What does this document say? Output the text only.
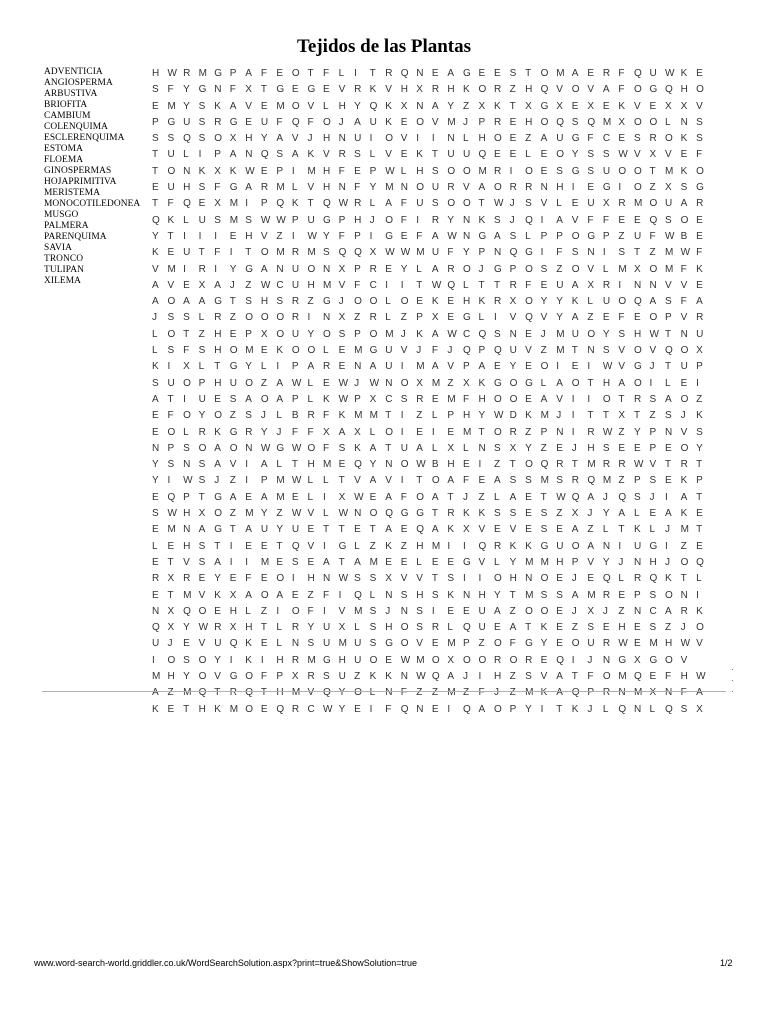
Tejidos de las Plantas
ADVENTICIA
ANGIOSPERMA
ARBUSTIVA
BRIOFITA
CAMBIUM
COLENQUIMA
ESCLERENQUIMA
ESTOMA
FLOEMA
GINOSPERMAS
HOJAPRIMITIVA
MERISTEMA
MONOCOTILEDONEA
MUSGO
PALMERA
PARENQUIMA
SAVIA
TRONCO
TULIPAN
XILEMA
H W R M G P A F E O T F L I T R Q N E A G E E S T O M A E R F Q U W K E
S F Y G N F X T G E G E V R K V H X R H K O R Z H Q V O V A F O G Q H O
E M Y S K A V E M O V L H Y Q K X N A Y Z X K T X G X E X E K V E X X V
P G U S R G E U F Q F O J A U K E O V M J P R E H O Q S Q M X O O L N S
S S Q S O X H Y A V J H N U I O V I I N L H O E Z A U G F C E S R O K S
T U L I P A N Q S A K V R S L V E K T U U Q E E L E O Y S S W V X V E F
T O N K X K W E P I M H F E P W L H S O O M R I O E S G S U O O T M K O
E U H S F G A R M L V H N F Y M N O U R V A O R R N H I E G I O Z X S G
T F Q E X M I P Q K T Q W R L A F U S O O T W J S V L E U X R M O U A R
Q K L U S M S W W P U G P H J O F I R Y N K S J Q I A V F F E E Q S O E
Y T I I I E H V Z I W Y F P I G E F A W N G A S L P P O G P Z U F W B E
K E U T F I T O M R M S Q Q X W W M U F Y P N Q G I F S N I S T Z M W F
V M I R I Y G A N U O N X P R E Y L A R O J G P O S Z O V L M X O M F K
A V E X A J Z W C U H M V F C I I T W Q L T T R F E U A X R I N N V V E
A O A A G T S H S R Z G J O O L O E K E H K R X O Y Y K L U O Q A S F A
J S S L R Z O O O R I N X Z R L Z P X E G L I V Q V Y A Z E F E O P V R
L O T Z H E P X O U Y O S P O M J K A W C Q S N E J M U O Y S H W T N U
L S F S H O M E K O O L E M G U V J F J Q P Q U V Z M T N S V O V Q O X
K I X L T G Y L I P A R E N A U I M A V P A E Y E O I E I W V G J T U P
S U O P H U O Z A W L E W J W N O X M Z X K G O G L A O T H A O I L E I
A T I U E S A O A P L K W P X C S R E M F H O O E A V I I O T R S A O Z
E F O Y O Z S J L B R F K M M T I Z L P H Y W D K M J I T T X T Z S J K
E O L R K G R Y J F F X A X L O I E I E M T O R Z P N I R W Z Y P N V S
N P S O A O N W G W O F S K A T U A L X L N S X Y Z E J H S E E P E O Y
Y S N S A V I A L T H M E Q Y N O W B H E I Z T O Q R T M R R W V T R T
Y I W S J Z I P M W L L T V A V I T O A F E A S S M S R Q M Z P S E K P
E Q P T G A E A M E L I X W E A F O A T J Z L A E T W Q A J Q S J I A T
S W H X O Z M Y Z W V L W N O Q G G T R K K S S E S Z X J Y A L E A K E
E M N A G T A U Y U E T T E T A E Q A K X V E V E S E A Z L T K L J M T
L E H S T I E E T Q V I G L Z K Z H M I I Q R K K G U O A N I U G I Z E
E T V S A I I M E S E A T A M E E L E E G V L Y M M H P V Y J N H J O Q
R X R E Y E F E O I H N W S S X V V T S I I O H N O E J E Q L R Q K T L
E T M V K X A O A E Z F I Q L N S H S K N H Y T M S S A M R E P S O N I
N X Q O E H L Z I O F I V M S J N S I E E U A Z O O E J X J Z N C A R K
Q X Y W R X H T L R Y U X L S H O S R L Q U E A T K E Z S E H E S Z J O
U J E V U Q K E L N S U M U S G O V E M P Z O F G Y E O U R W E M H W V
I O S O Y I K I H R M G H U O E W M O X O O R O R E Q I J N G X G O V
M H Y O V G O F P X R S U Z K K N W Q A J I H Z S V A T F O M Q E F H W
A Z M Q T R Q T H M V Q Y O L N F Z Z M Z F J Z M K A Q P R N M X N F A
K E T H K M O E Q R C W Y E I F Q N E I Q A O P Y I T K J L Q N L Q S X
·
·
·
www.word-search-world.griddler.co.uk/WordSearchSolution.aspx?print=true&ShowSolution=true	1/2
